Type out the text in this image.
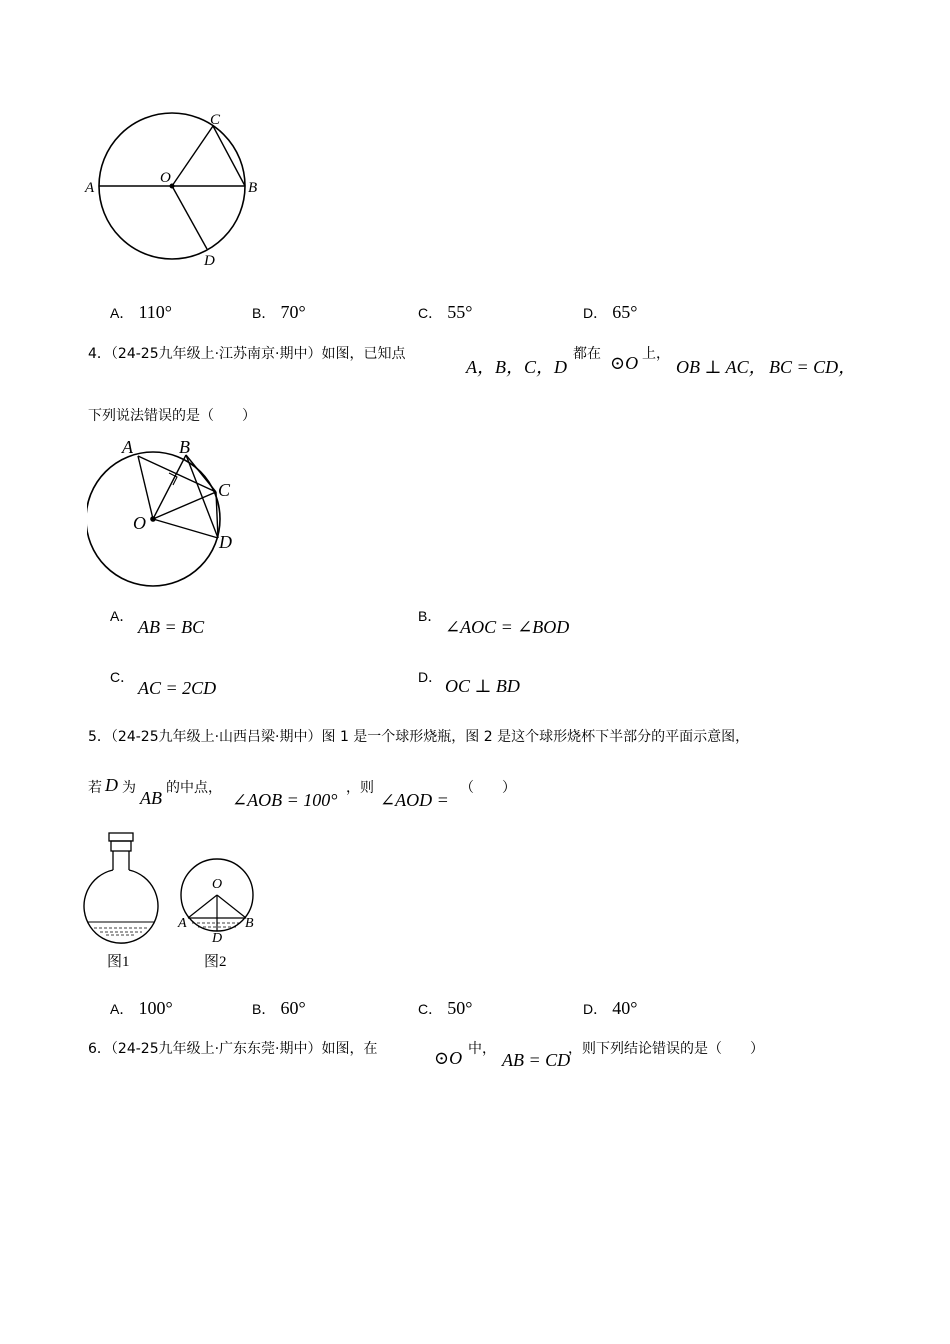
A	B
C
D
O
A． 110°	B． 70°	C． 55°	D． 65°
4．（24-25九年级上·江苏南京·期中）如图，已知点
A，B，C，D
都在 ⊙O 上，
OB ⊥ AC， BC = CD，
下列说法错误的是（　　）
A	B
C
D
O
A．
AB = BC
B．
∠AOC = ∠BOD
C．
AC = 2CD
D． OC ⊥ BD
5．（24-25九年级上·山西吕梁·期中）图 1 是一个球形烧瓶，图 2 是这个球形烧杯下半部分的平面示意图，
若 D 为 AB 的中点，
∠AOB = 100°
，则
∠AOD =
（　　）
O
A	B
D
图1	图2
A． 100°	B． 60°	C． 50°	D． 40°
6．（24-25九年级上·广东东莞·期中）如图，在	⊙O 中，
AB = CD
，则下列结论错误的是（　　）
